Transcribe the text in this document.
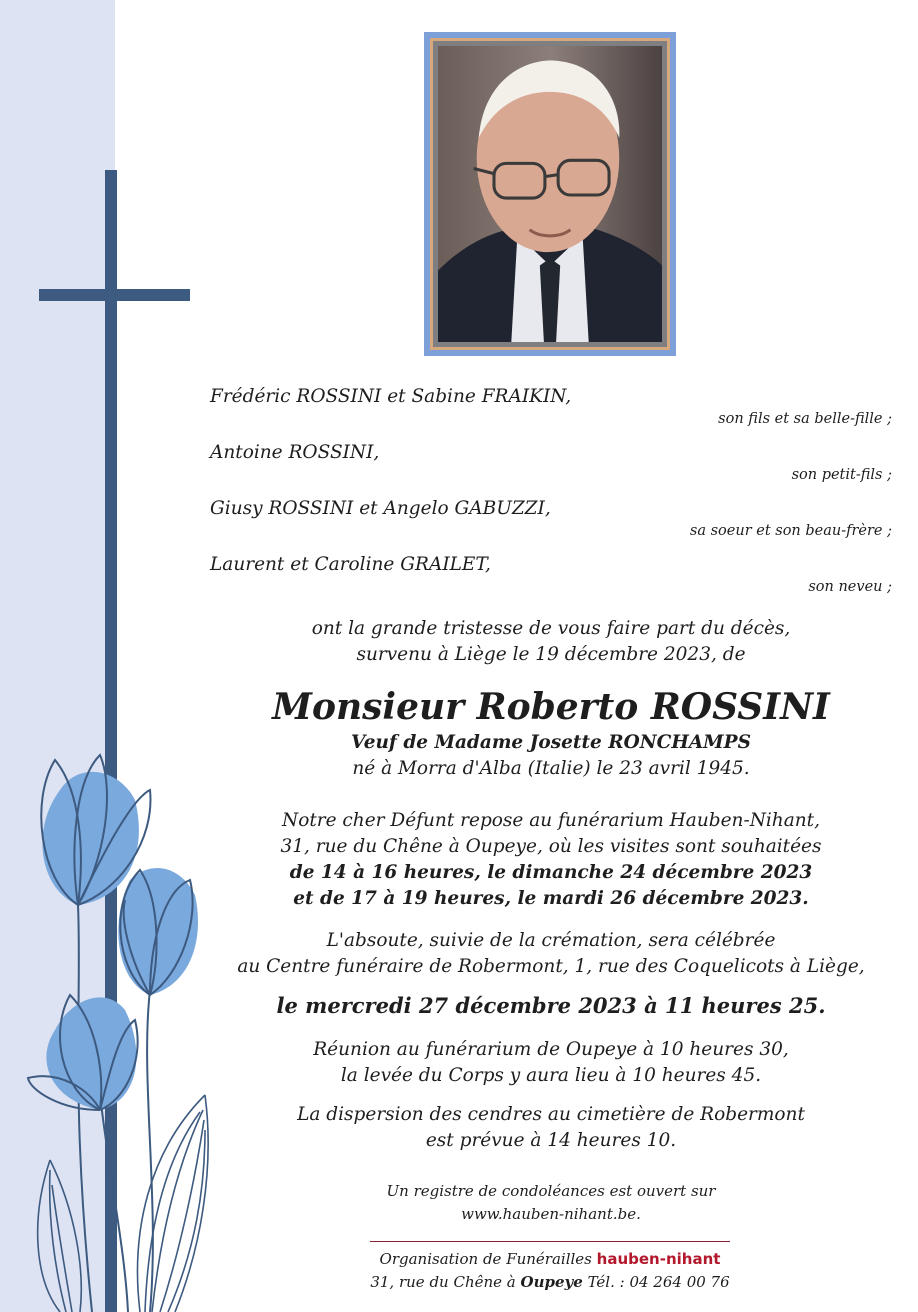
Frédéric ROSSINI et Sabine FRAIKIN,
son fils et sa belle-fille ;
Antoine ROSSINI,
son petit-fils ;
Giusy ROSSINI et Angelo GABUZZI,
sa soeur et son beau-frère ;
Laurent et Caroline GRAILET,
son neveu ;
ont la grande tristesse de vous faire part du décès,
survenu à Liège le 19 décembre 2023, de
Monsieur Roberto ROSSINI
Veuf de Madame Josette RONCHAMPS
né à Morra d'Alba (Italie) le 23 avril 1945.
Notre cher Défunt repose au funérarium Hauben-Nihant,
31, rue du Chêne à Oupeye, où les visites sont souhaitées
de 14 à 16 heures, le dimanche 24 décembre 2023
et de 17 à 19 heures, le mardi 26 décembre 2023.
L'absoute, suivie de la crémation, sera célébrée
au Centre funéraire de Robermont, 1, rue des Coquelicots à Liège,
le mercredi 27 décembre 2023 à 11 heures 25.
Réunion au funérarium de Oupeye à 10 heures 30,
la levée du Corps y aura lieu à 10 heures 45.
La dispersion des cendres au cimetière de Robermont
est prévue à 14 heures 10.
Un registre de condoléances est ouvert sur
www.hauben-nihant.be.
Organisation de Funérailles hauben-nihant
31, rue du Chêne à Oupeye Tél. : 04 264 00 76
